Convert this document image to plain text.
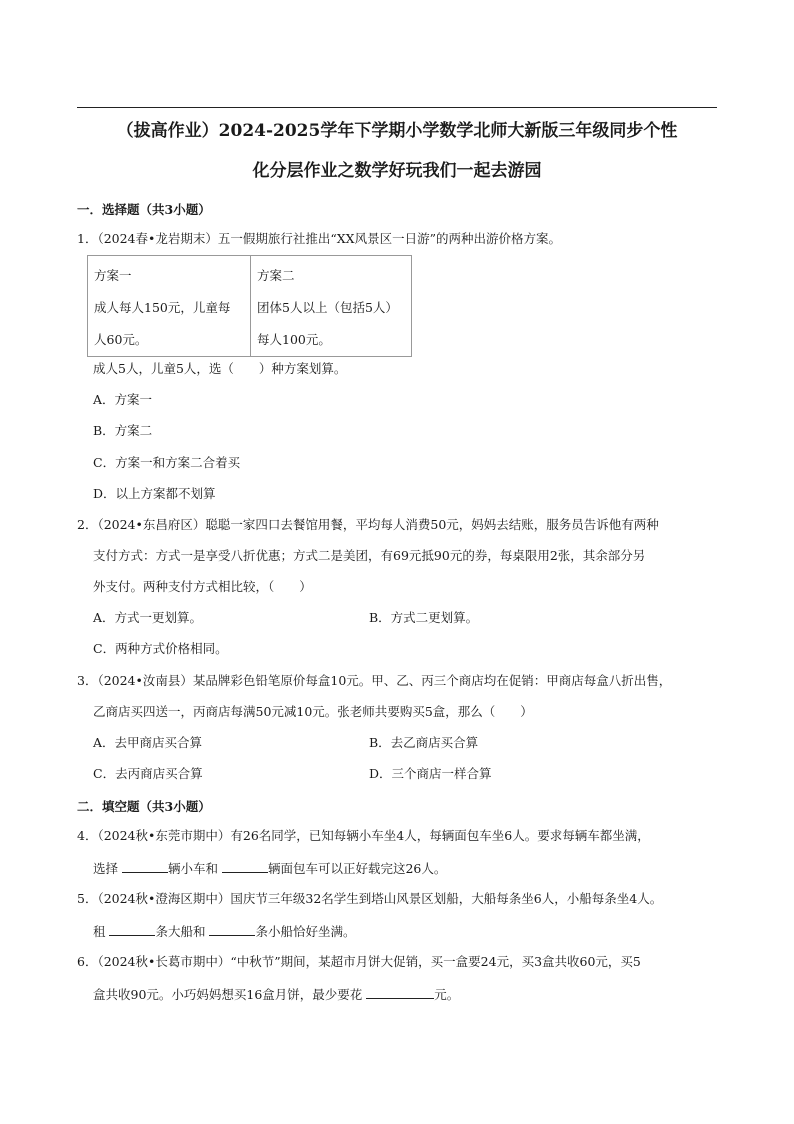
（拔高作业）2024-2025学年下学期小学数学北师大新版三年级同步个性
化分层作业之数学好玩我们一起去游园
一．选择题（共3小题）
1．（2024春•龙岩期末）五一假期旅行社推出“XX风景区一日游”的两种出游价格方案。
方案一
成人每人150元，儿童每
人60元。

方案二
团体5人以上（包括5人）
每人100元。
成人5人，儿童5人，选（　　）种方案划算。
A．方案一
B．方案二
C．方案一和方案二合着买
D．以上方案都不划算
2．（2024•东昌府区）聪聪一家四口去餐馆用餐，平均每人消费50元，妈妈去结账，服务员告诉他有两种
支付方式：方式一是享受八折优惠；方式二是美团，有69元抵90元的券，每桌限用2张，其余部分另
外支付。两种支付方式相比较，（　　）
A．方式一更划算。	B．方式二更划算。
C．两种方式价格相同。
3．（2024•汝南县）某品牌彩色铅笔原价每盒10元。甲、乙、丙三个商店均在促销：甲商店每盒八折出售，
乙商店买四送一，丙商店每满50元减10元。张老师共要购买5盒，那么（　　）
A．去甲商店买合算	B．去乙商店买合算
C．去丙商店买合算	D．三个商店一样合算
二．填空题（共3小题）
4．（2024秋•东莞市期中）有26名同学，已知每辆小车坐4人，每辆面包车坐6人。要求每辆车都坐满，
选择	辆小车和	辆面包车可以正好载完这26人。
5．（2024秋•澄海区期中）国庆节三年级32名学生到塔山风景区划船，大船每条坐6人，小船每条坐4人。
租	条大船和	条小船恰好坐满。
6．（2024秋•长葛市期中）“中秋节”期间，某超市月饼大促销，买一盒要24元，买3盒共收60元，买5
盒共收90元。小巧妈妈想买16盒月饼，最少要花	元。
